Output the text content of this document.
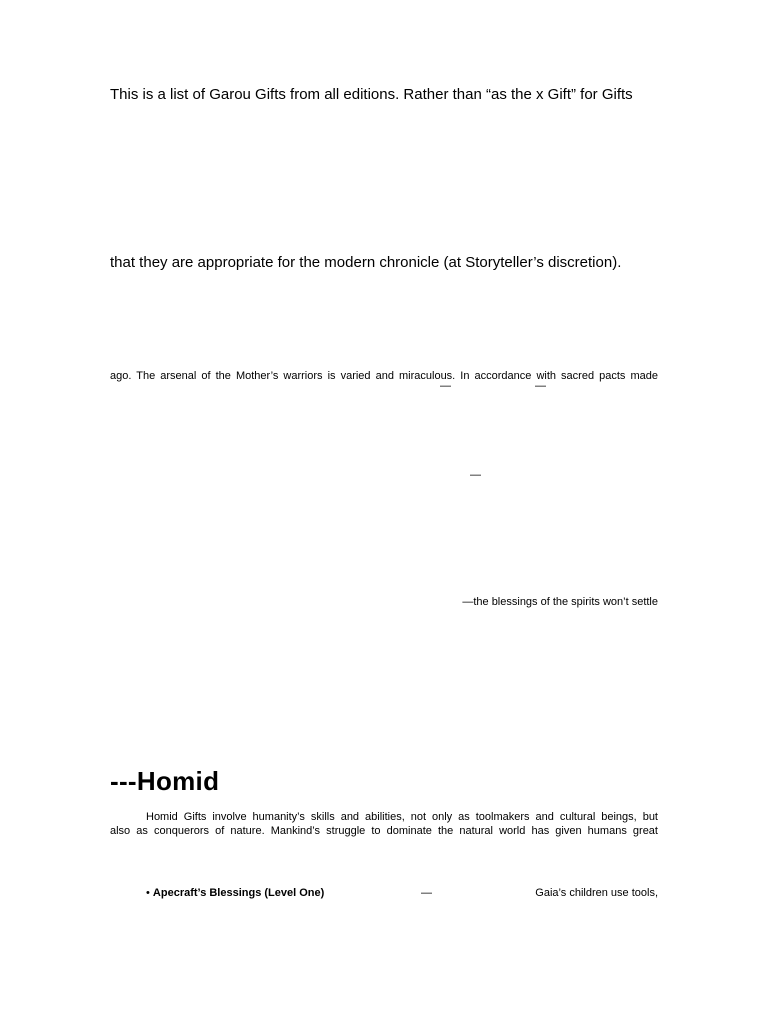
This is a list of Garou Gifts from all editions. Rather than “as the x Gift” for Gifts
that they are appropriate for the modern chronicle (at Storyteller’s discretion).
ago. The arsenal of the Mother’s warriors is varied and miraculous. In accordance with sacred pacts made
—	—
—
—the blessings of the spirits won’t settle
---Homid
Homid Gifts involve humanity’s skills and abilities, not only as toolmakers and cultural beings, but
also as conquerors of nature. Mankind’s struggle to dominate the natural world has given humans great
• Apecraft’s Blessings (Level One)	—	Gaia’s children use tools,
